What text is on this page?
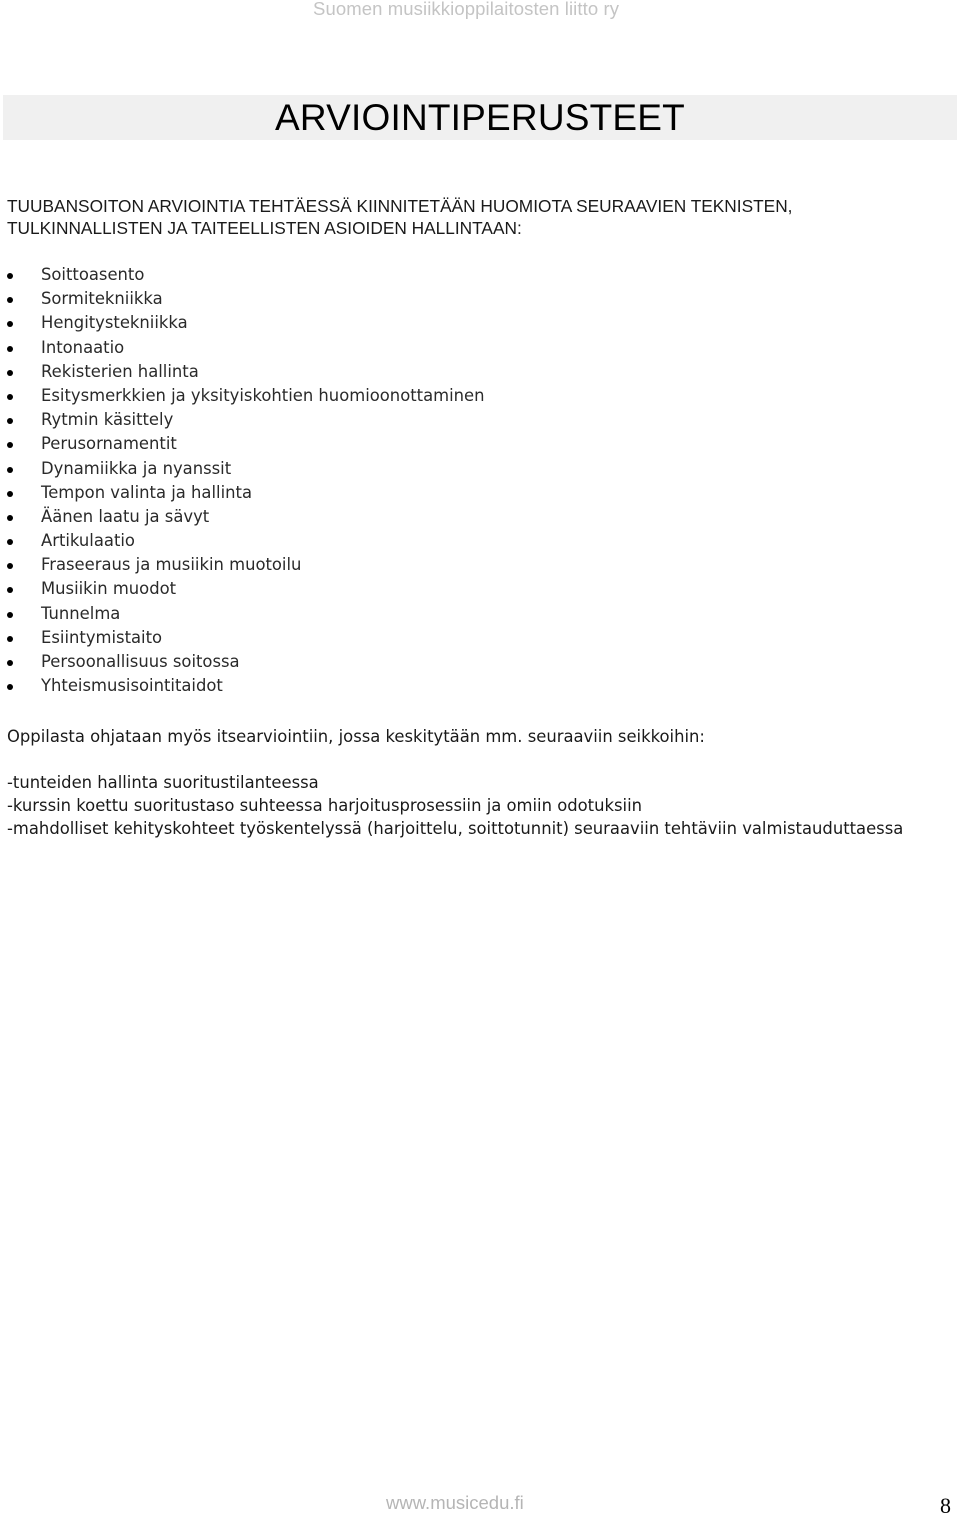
Suomen musiikkioppilaitosten liitto ry
ARVIOINTIPERUSTEET

TUUBANSOITON ARVIOINTIA TEHTÄESSÄ KIINNITETÄÄN HUOMIOTA SEURAAVIEN TEKNISTEN,

TULKINNALLISTEN JA TAITEELLISTEN ASIOIDEN HALLINTAAN:

Soittoasento
Sormitekniikka
Hengitystekniikka
Intonaatio
Rekisterien hallinta
Esitysmerkkien ja yksityiskohtien huomioonottaminen
Rytmin käsittely
Perusornamentit
Dynamiikka ja nyanssit
Tempon valinta ja hallinta
Äänen laatu ja sävyt
Artikulaatio
Fraseeraus ja musiikin muotoilu
Musiikin muodot
Tunnelma
Esiintymistaito
Persoonallisuus soitossa
Yhteismusisointitaidot

Oppilasta ohjataan myös itsearviointiin, jossa keskitytään mm. seuraaviin seikkoihin:

-tunteiden hallinta suoritustilanteessa
-kurssin koettu suoritustaso suhteessa harjoitusprosessiin ja omiin odotuksiin
-mahdolliset kehityskohteet työskentelyssä (harjoittelu, soittotunnit) seuraaviin tehtäviin valmistauduttaessa
www.musicedu.fi	8
